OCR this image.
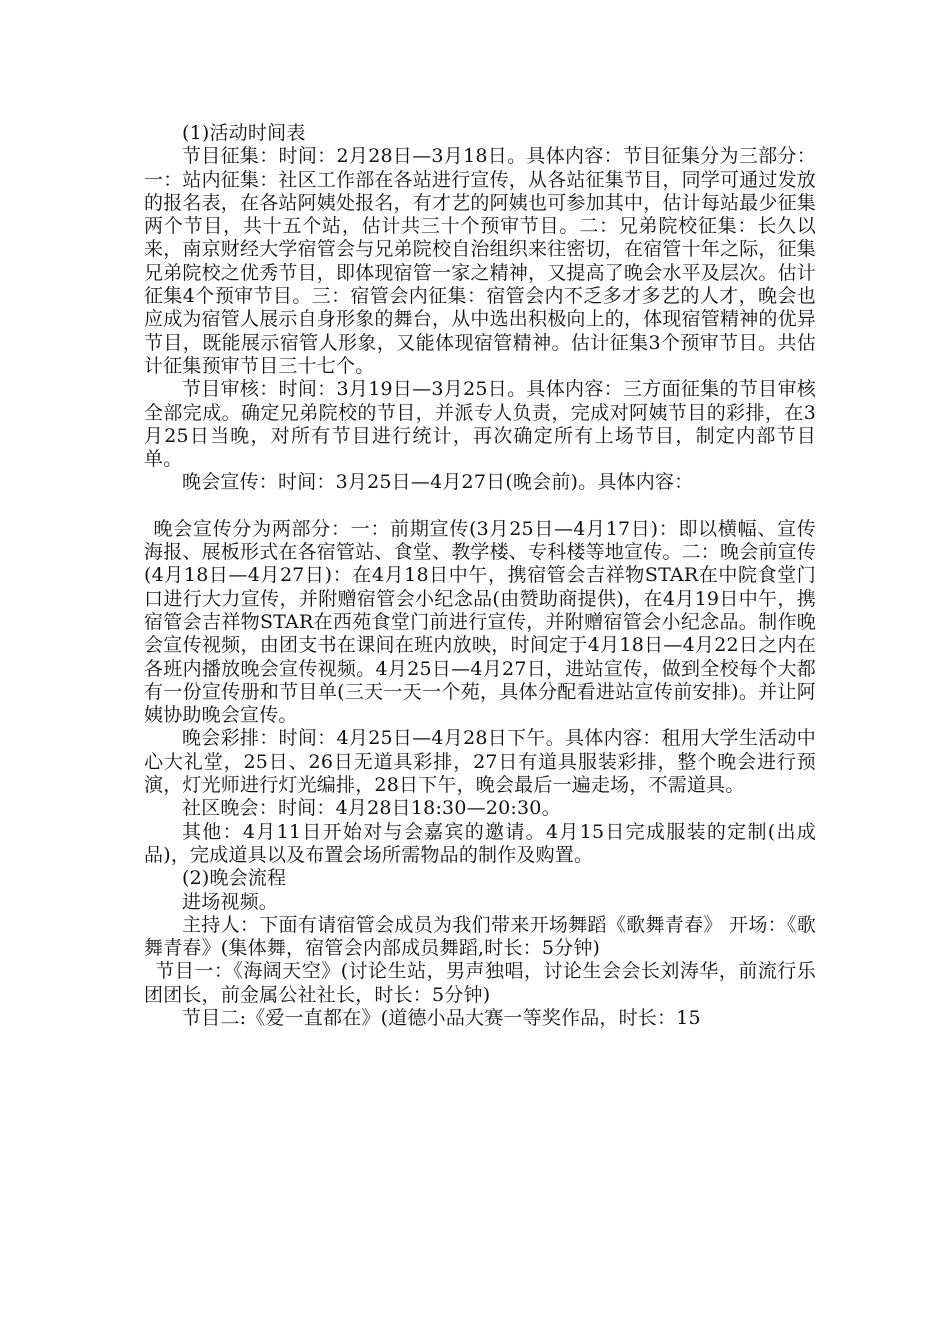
(1)活动时间表

节目征集：时间：2月28日—3月18日。具体内容：节目征集分为三部分：一：站内征集：社区工作部在各站进行宣传，从各站征集节目，同学可通过发放的报名表，在各站阿姨处报名，有才艺的阿姨也可参加其中，估计每站最少征集两个节目，共十五个站，估计共三十个预审节目。二：兄弟院校征集：长久以来，南京财经大学宿管会与兄弟院校自治组织来往密切，在宿管十年之际，征集兄弟院校之优秀节目，即体现宿管一家之精神，又提高了晚会水平及层次。估计征集4个预审节目。三：宿管会内征集：宿管会内不乏多才多艺的人才，晚会也应成为宿管人展示自身形象的舞台，从中选出积极向上的，体现宿管精神的优异节目，既能展示宿管人形象，又能体现宿管精神。估计征集3个预审节目。共估计征集预审节目三十七个。

节目审核：时间：3月19日—3月25日。具体内容：三方面征集的节目审核全部完成。确定兄弟院校的节目，并派专人负责，完成对阿姨节目的彩排，在3月25日当晚，对所有节目进行统计，再次确定所有上场节目，制定内部节目单。

晚会宣传：时间：3月25日—4月27日(晚会前)。具体内容：

晚会宣传分为两部分：一：前期宣传(3月25日—4月17日)：即以横幅、宣传海报、展板形式在各宿管站、食堂、教学楼、专科楼等地宣传。二：晚会前宣传(4月18日—4月27日)：在4月18日中午，携宿管会吉祥物STAR在中院食堂门口进行大力宣传，并附赠宿管会小纪念品(由赞助商提供)，在4月19日中午，携宿管会吉祥物STAR在西苑食堂门前进行宣传，并附赠宿管会小纪念品。制作晚会宣传视频，由团支书在课间在班内放映，时间定于4月18日—4月22日之内在各班内播放晚会宣传视频。4月25日—4月27日，进站宣传，做到全校每个大都有一份宣传册和节目单(三天一天一个苑，具体分配看进站宣传前安排)。并让阿姨协助晚会宣传。

晚会彩排：时间：4月25日—4月28日下午。具体内容：租用大学生活动中心大礼堂，25日、26日无道具彩排，27日有道具服装彩排，整个晚会进行预演，灯光师进行灯光编排，28日下午，晚会最后一遍走场，不需道具。

社区晚会：时间：4月28日18:30—20:30。

其他：4月11日开始对与会嘉宾的邀请。4月15日完成服装的定制(出成品)，完成道具以及布置会场所需物品的制作及购置。

(2)晚会流程

进场视频。

主持人：下面有请宿管会成员为我们带来开场舞蹈《歌舞青春》 开场：《歌舞青春》(集体舞，宿管会内部成员舞蹈,时长：5分钟)

节目一：《海阔天空》(讨论生站，男声独唱，讨论生会会长刘涛华，前流行乐团团长，前金属公社社长，时长：5分钟)

节目二:《爱一直都在》(道德小品大赛一等奖作品，时长：15
